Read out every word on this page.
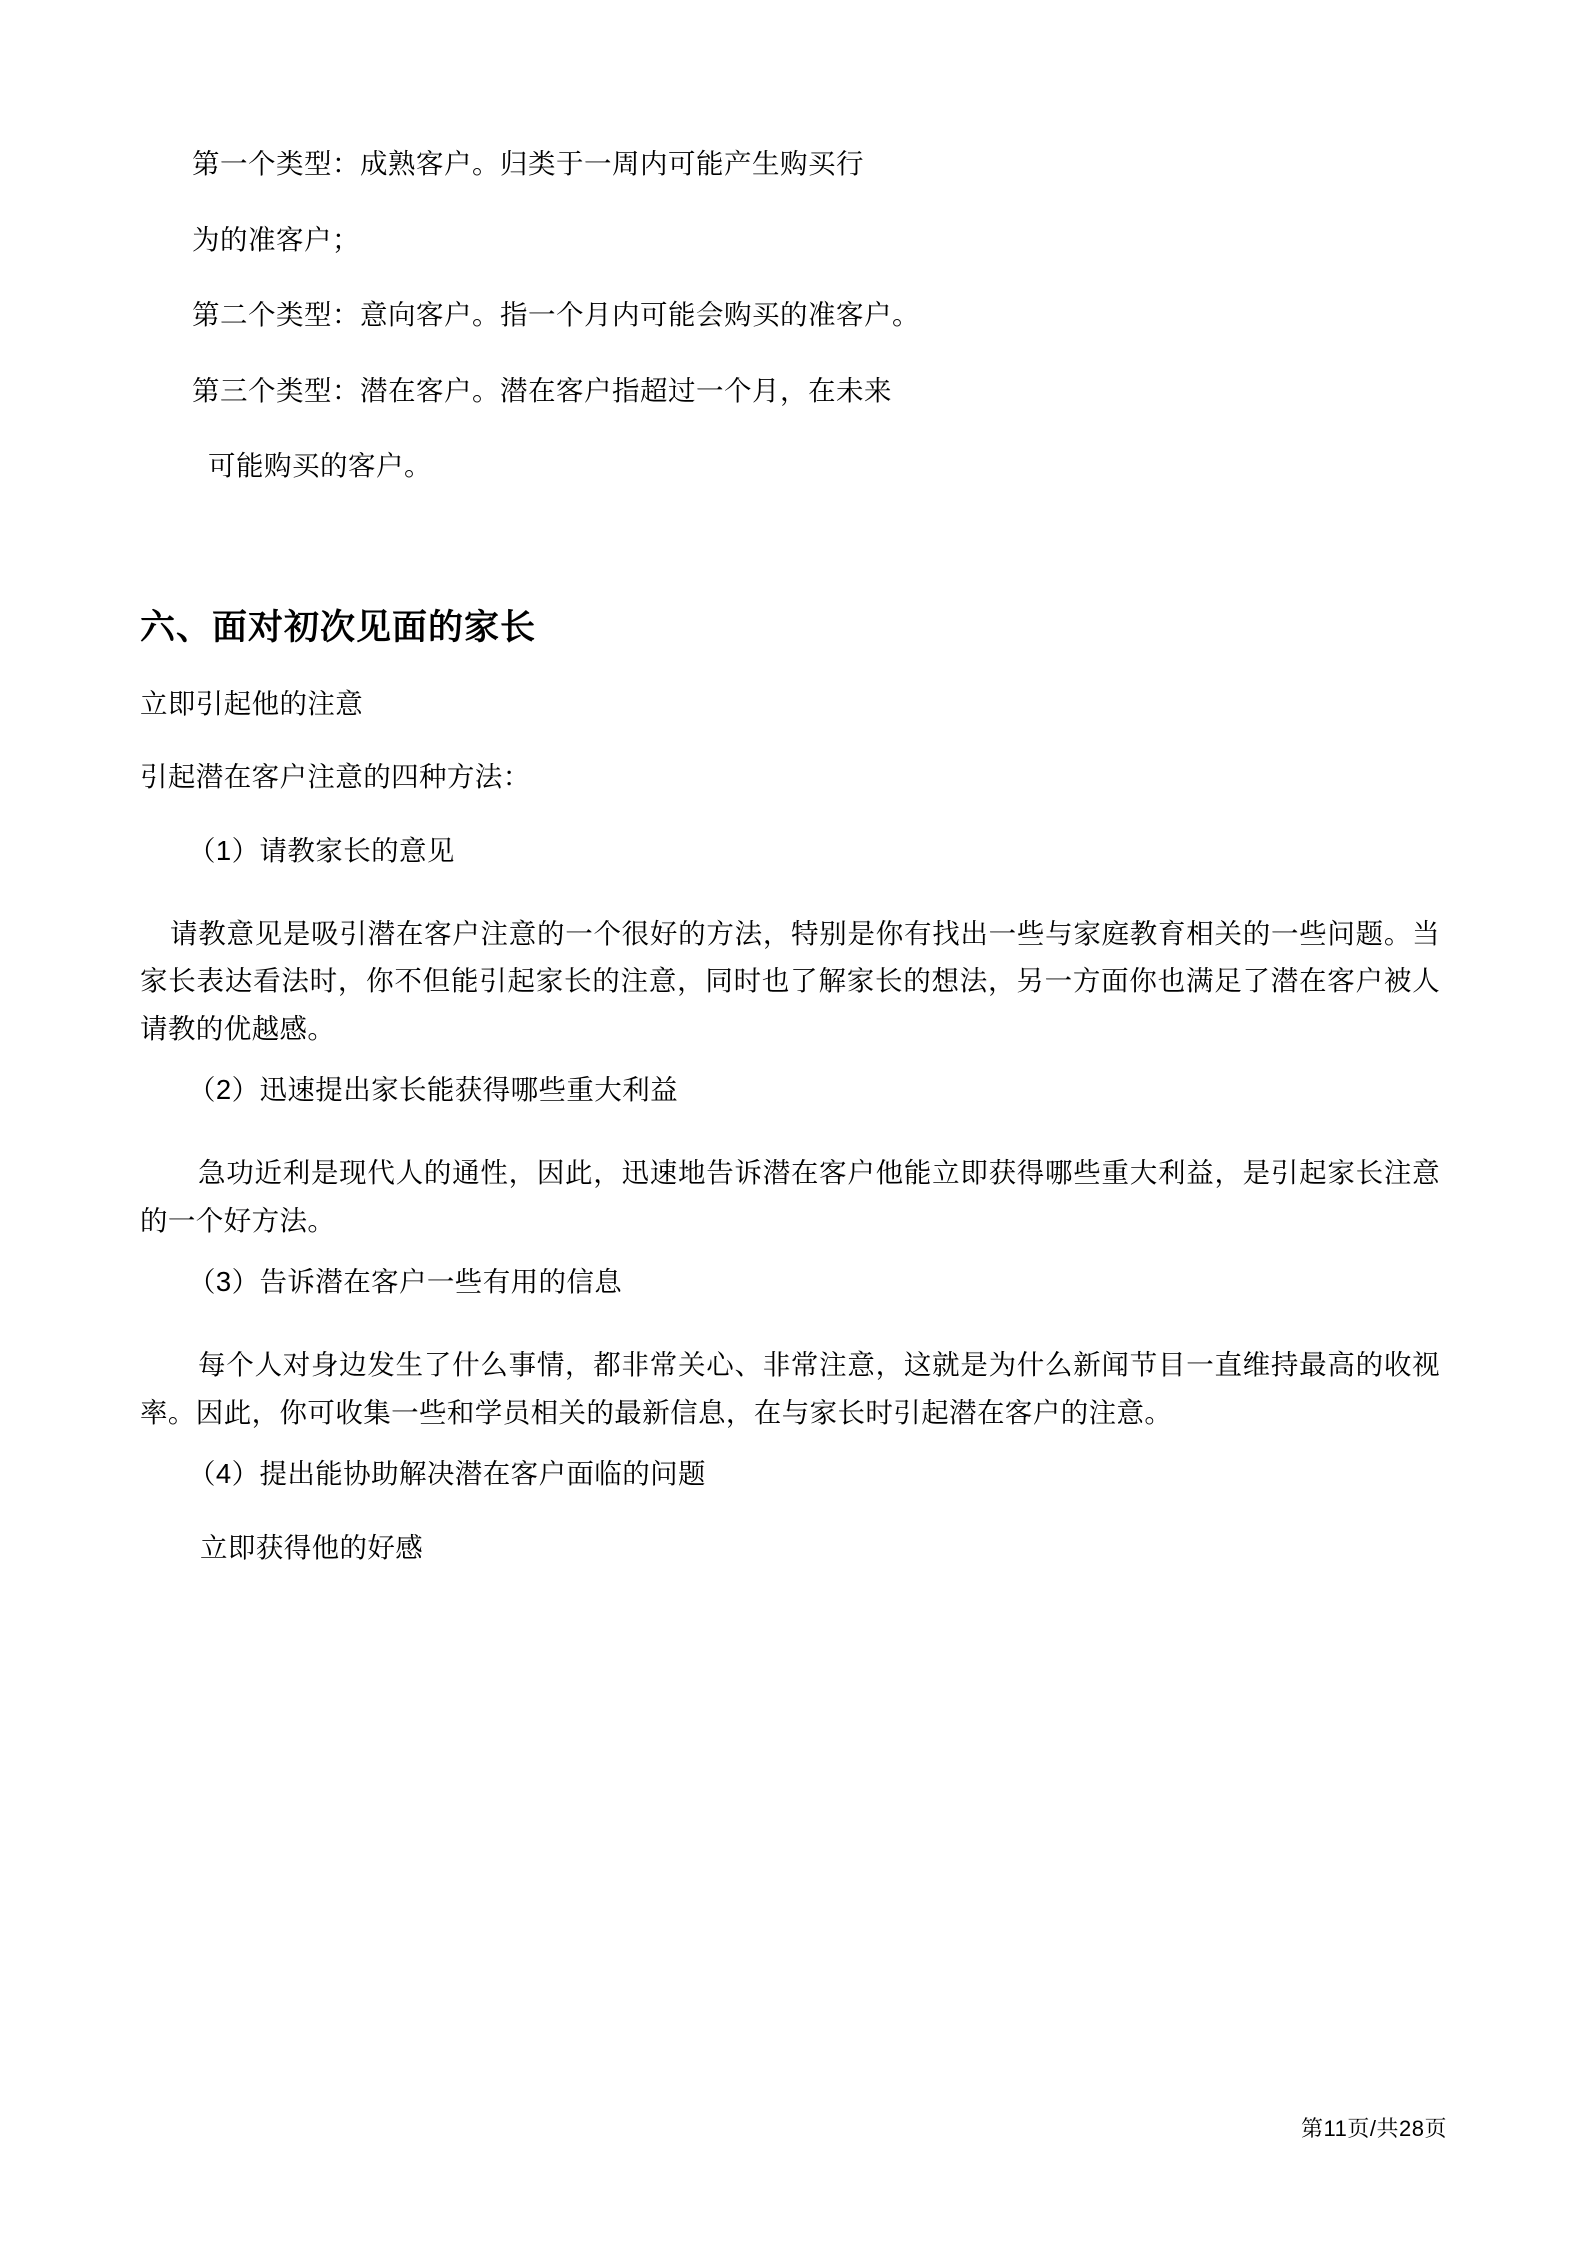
第一个类型：成熟客户。归类于一周内可能产生购买行

为的准客户；

第二个类型：意向客户。指一个月内可能会购买的准客户。

第三个类型：潜在客户。潜在客户指超过一个月，在未来

可能购买的客户。

六、面对初次见面的家长

立即引起他的注意

引起潜在客户注意的四种方法：

（1）请教家长的意见

请教意见是吸引潜在客户注意的一个很好的方法，特别是你有找出一些与家庭教育相关的一些问题。当家长表达看法时，你不但能引起家长的注意，同时也了解家长的想法，另一方面你也满足了潜在客户被人请教的优越感。

（2）迅速提出家长能获得哪些重大利益

急功近利是现代人的通性，因此，迅速地告诉潜在客户他能立即获得哪些重大利益，是引起家长注意的一个好方法。

（3）告诉潜在客户一些有用的信息

每个人对身边发生了什么事情，都非常关心、非常注意，这就是为什么新闻节目一直维持最高的收视率。因此，你可收集一些和学员相关的最新信息，在与家长时引起潜在客户的注意。

（4）提出能协助解决潜在客户面临的问题

立即获得他的好感

第11页/共28页
